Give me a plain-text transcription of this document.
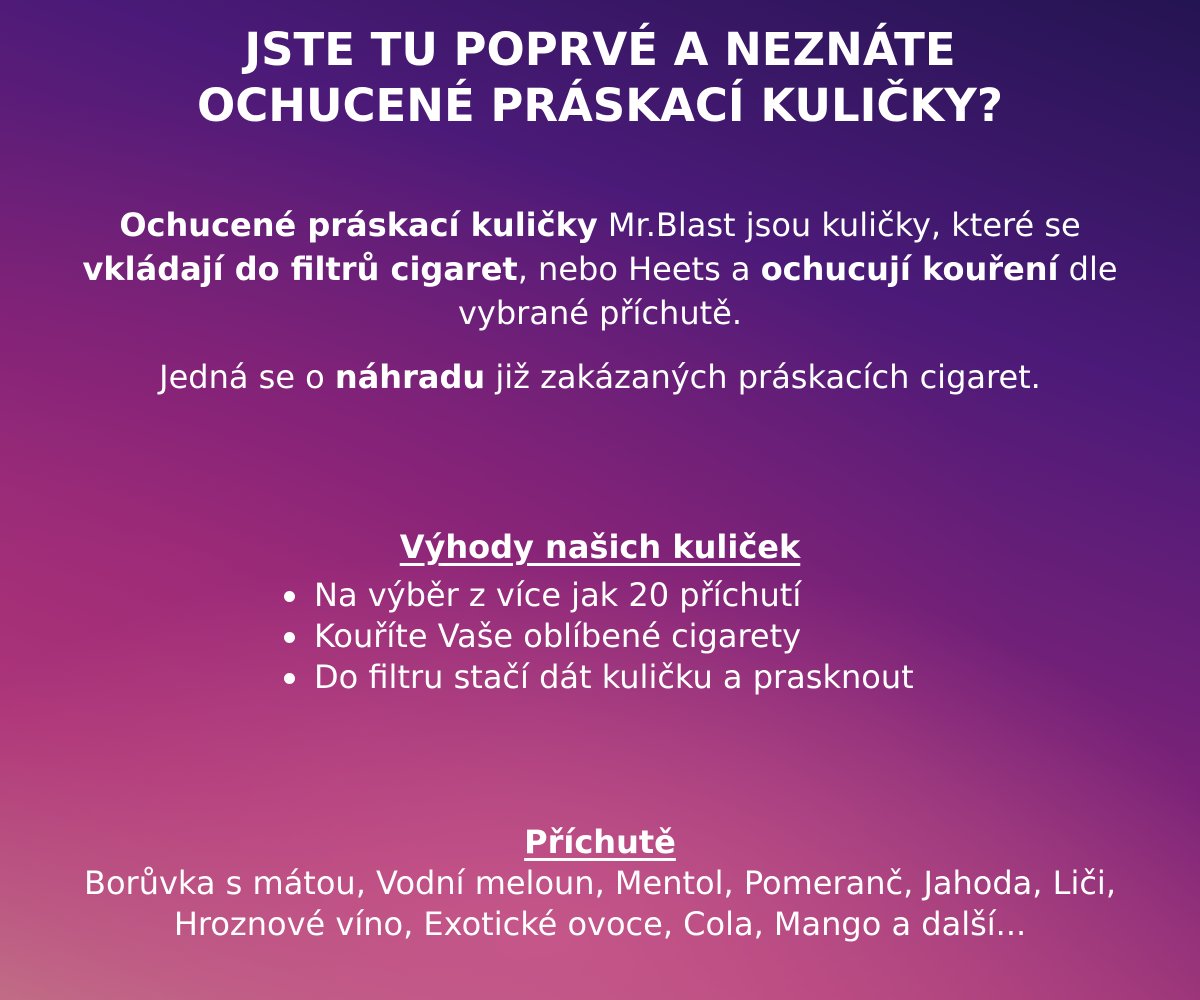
JSTE TU POPRVÉ A NEZNÁTE
OCHUCENÉ PRÁSKACÍ KULIČKY?

Ochucené práskací kuličky Mr.Blast jsou kuličky, které se
vkládají do filtrů cigaret, nebo Heets a ochucují kouření dle
vybrané příchutě.

Jedná se o náhradu již zakázaných práskacích cigaret.

Výhody našich kuliček
Na výběr z více jak 20 příchutí
Kouříte Vaše oblíbené cigarety
Do filtru stačí dát kuličku a prasknout
Příchutě

Borůvka s mátou, Vodní meloun, Mentol, Pomeranč, Jahoda, Liči,
Hroznové víno, Exotické ovoce, Cola, Mango a další...
